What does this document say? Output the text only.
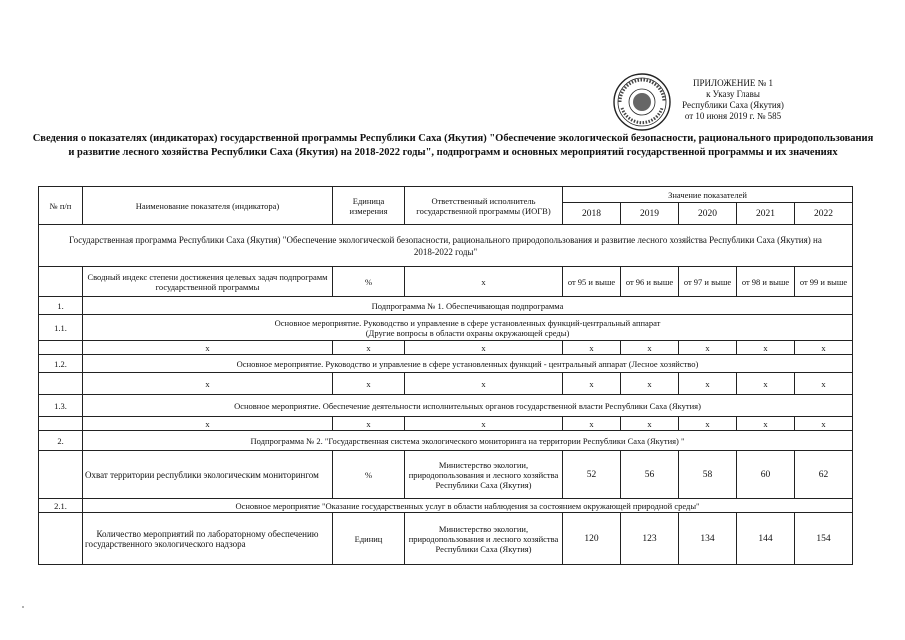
ПРИЛОЖЕНИЕ № 1
к Указу Главы
Республики Саха (Якутия)
от 10 июня 2019 г. № 585
Сведения о показателях (индикаторах) государственной программы Республики Саха (Якутия) "Обеспечение экологической безопасности, рационального природопользования и развитие лесного хозяйства Республики Саха (Якутия) на 2018-2022 годы", подпрограмм и основных мероприятий государственной программы и их значениях
№ п/п	Наименование показателя (индикатора)	Единица измерения	Ответственный исполнитель государственной программы (ИОГВ)	Значение показателей				
				2018	2019	2020	2021	2022
Государственная программа Республики Саха (Якутия) "Обеспечение экологической безопасности, рационального природопользования и развитие лесного хозяйства Республики Саха (Якутия) на 2018-2022 годы"								
	Сводный индекс степени достижения целевых задач подпрограмм государственной программы	%	х	от 95 и выше	от 96 и выше	от 97 и выше	от 98 и выше	от 99 и выше
1.	Подпрограмма № 1. Обеспечивающая подпрограмма							
1.1.	Основное мероприятие. Руководство и управление в сфере установленных функций-центральный аппарат
(Другие вопросы в области охраны окружающей среды)							

	х	х	х	х	х	х	х	х
1.2.	Основное мероприятие. Руководство и управление в сфере установленных функций - центральный аппарат (Лесное хозяйство)							
	х	х	х	х	х	х	х	х
1.3.	Основное мероприятие. Обеспечение деятельности исполнительных органов государственной власти Республики Саха (Якутия)							
	х	х	х	х	х	х	х	х
2.	Подпрограмма № 2. "Государственная система экологического мониторинга на территории Республики Саха (Якутия) "							
	Охват территории республики экологическим мониторингом	%	Министерство экологии, природопользования и лесного хозяйства Республики Саха (Якутия)	52	56	58	60	62
2.1.	Основное мероприятие "Оказание государственных услуг в области наблюдения за состоянием окружающей природной среды"							
	Количество мероприятий по лабораторному обеспечению государственного экологического надзора	Единиц	Министерство экологии, природопользования и лесного хозяйства Республики Саха (Якутия)	120	123	134	144	154
